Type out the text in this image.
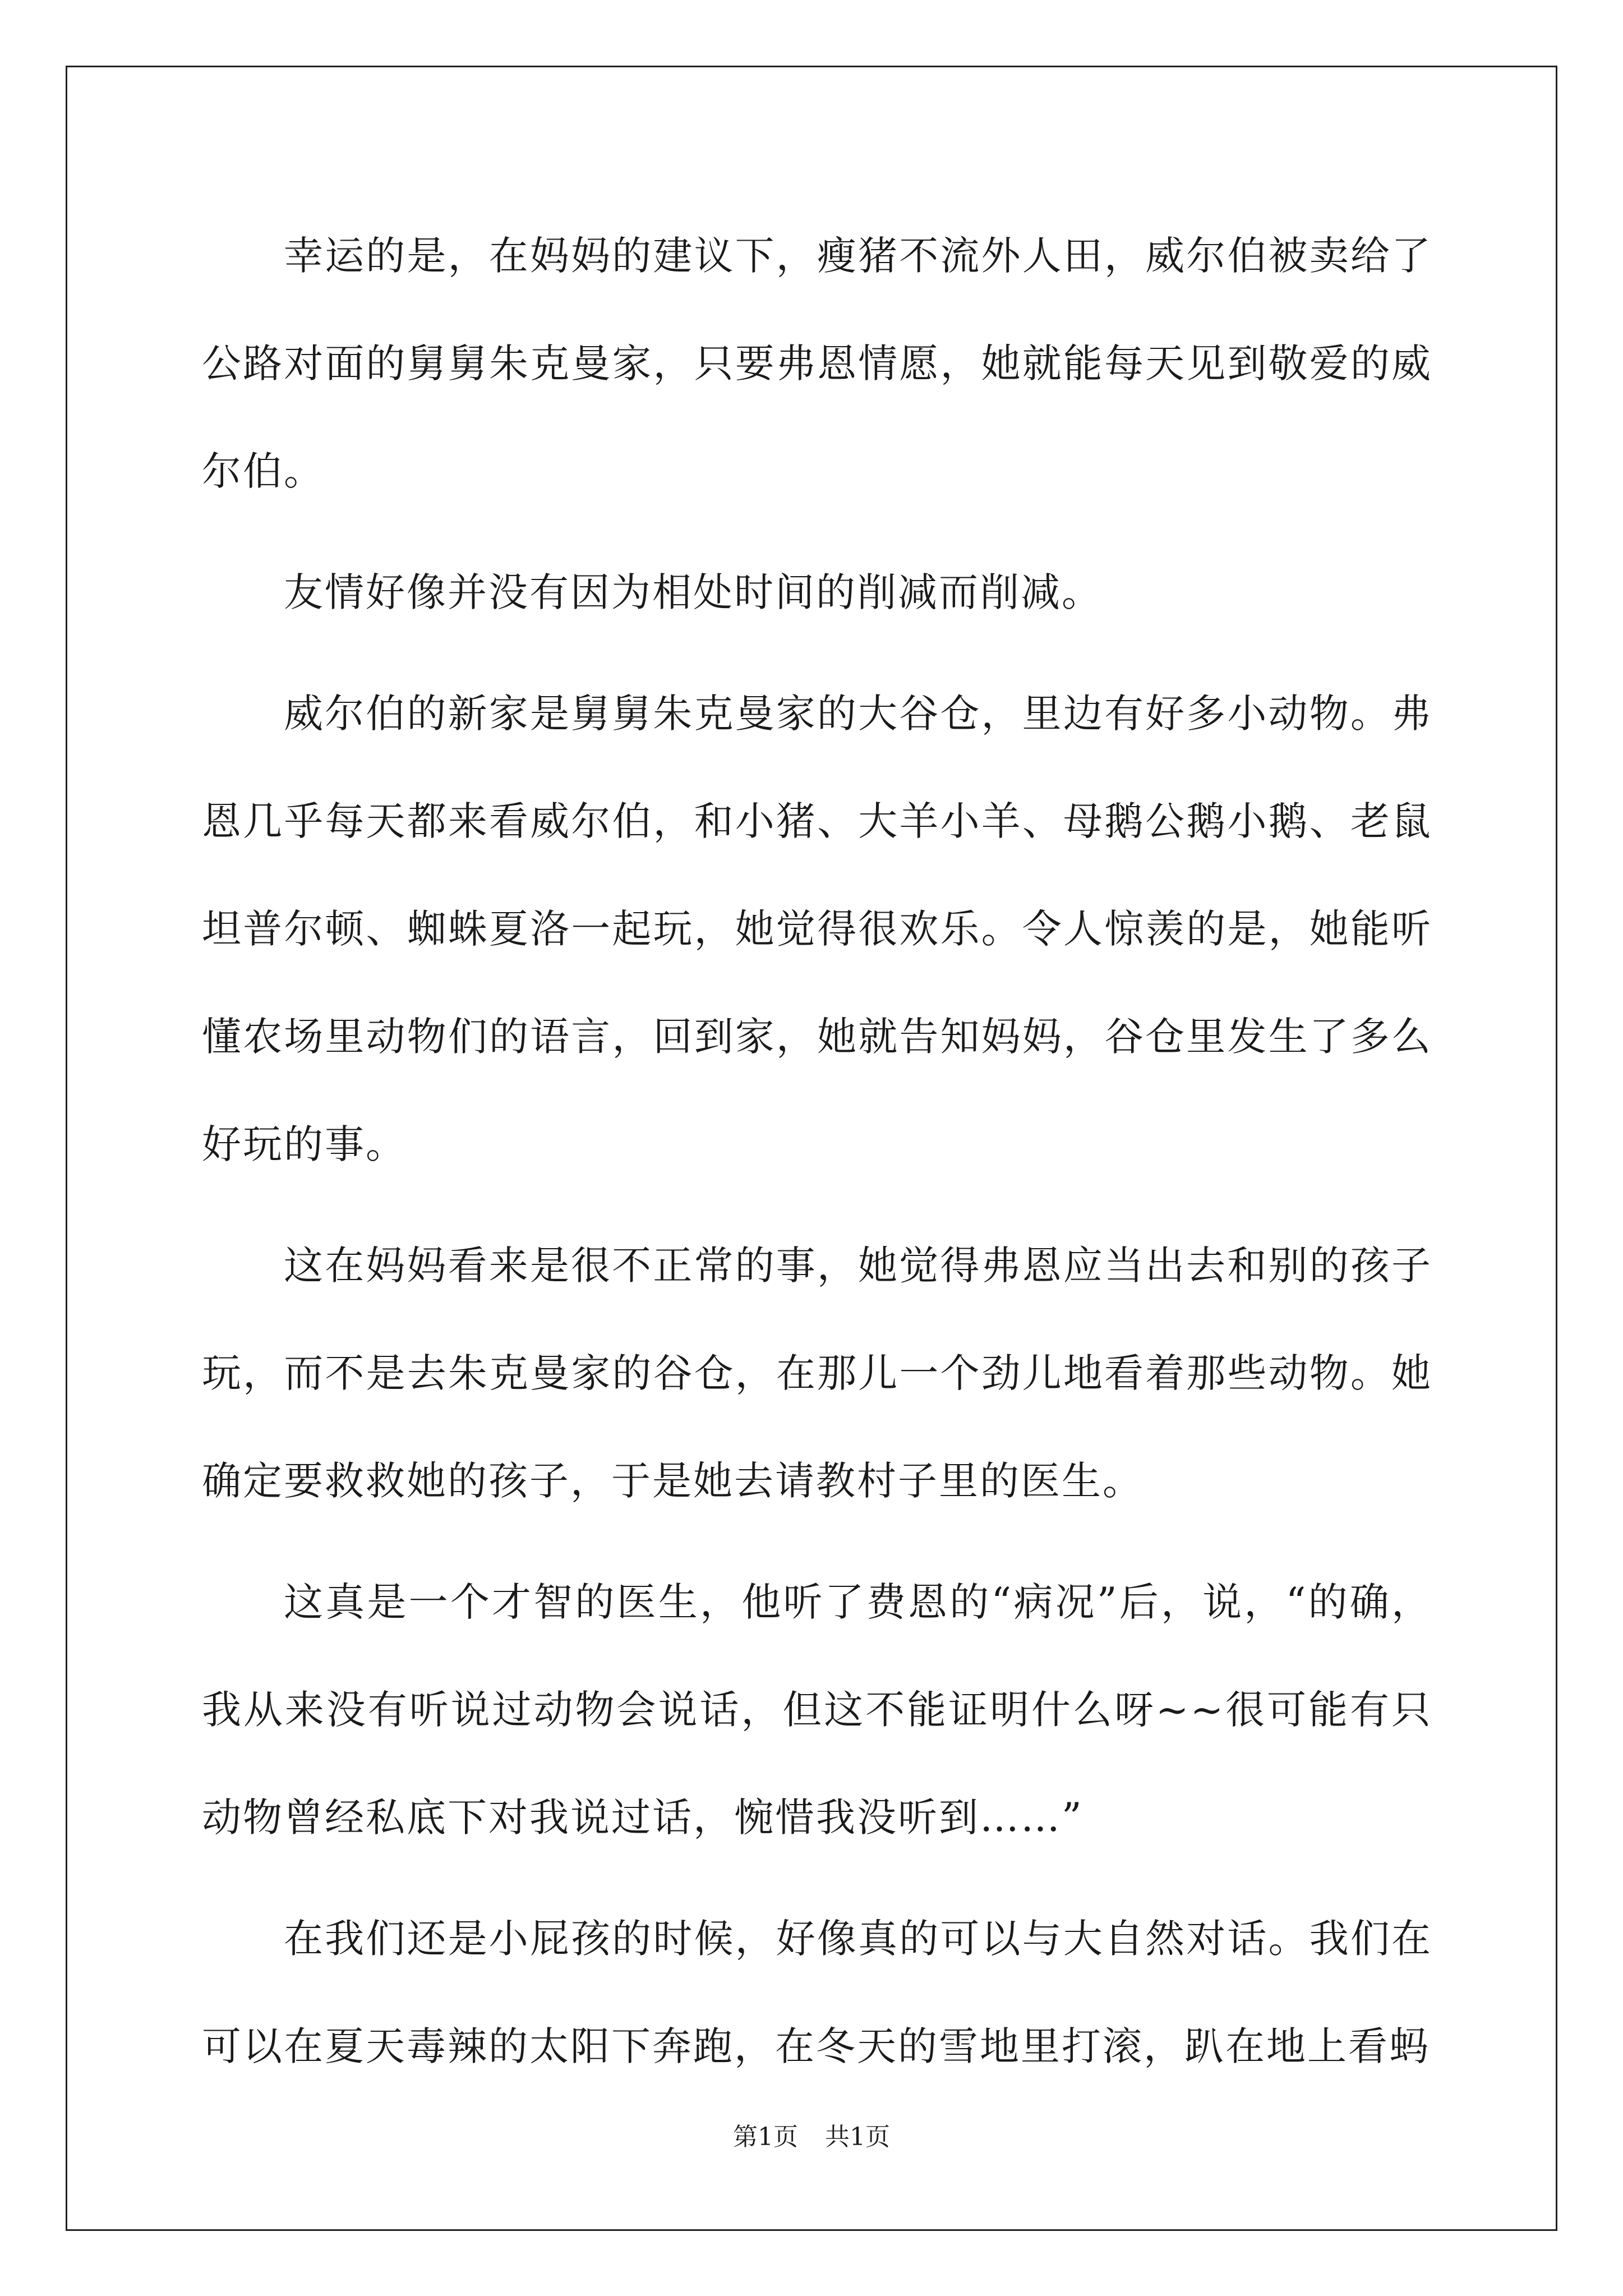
幸运的是，在妈妈的建议下，瘦猪不流外人田，威尔伯被卖给了公路对面的舅舅朱克曼家，只要弗恩情愿，她就能每天见到敬爱的威尔伯。

友情好像并没有因为相处时间的削减而削减。

威尔伯的新家是舅舅朱克曼家的大谷仓，里边有好多小动物。弗恩几乎每天都来看威尔伯，和小猪、大羊小羊、母鹅公鹅小鹅、老鼠坦普尔顿、蜘蛛夏洛一起玩，她觉得很欢乐。令人惊羡的是，她能听懂农场里动物们的语言，回到家，她就告知妈妈，谷仓里发生了多么好玩的事。

这在妈妈看来是很不正常的事，她觉得弗恩应当出去和别的孩子玩，而不是去朱克曼家的谷仓，在那儿一个劲儿地看着那些动物。她确定要救救她的孩子，于是她去请教村子里的医生。

这真是一个才智的医生，他听了费恩的“病况”后，说，“的确，我从来没有听说过动物会说话，但这不能证明什么呀~~很可能有只动物曾经私底下对我说过话，惋惜我没听到……”

在我们还是小屁孩的时候，好像真的可以与大自然对话。我们在可以在夏天毒辣的太阳下奔跑，在冬天的雪地里打滚，趴在地上看蚂

第1页 共1页
